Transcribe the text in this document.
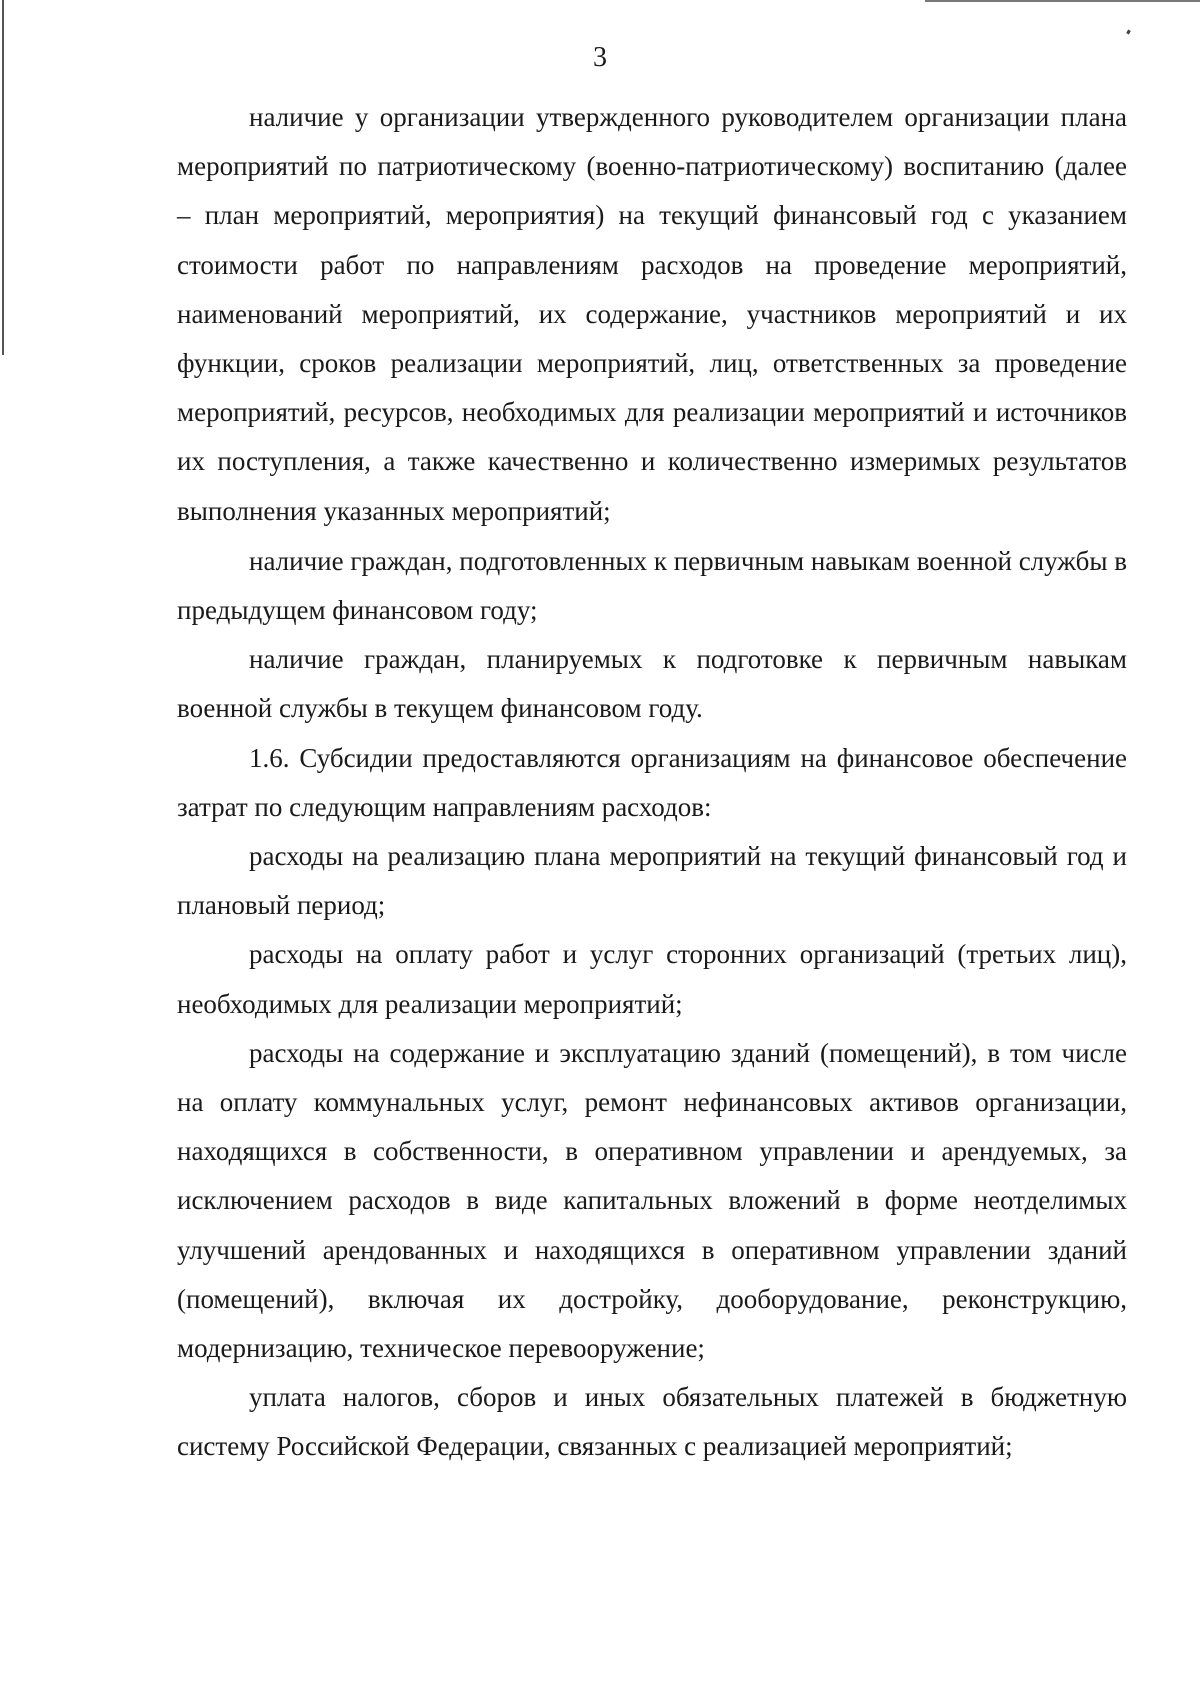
3

наличие у организации утвержденного руководителем организации плана мероприятий по патриотическому (военно-патриотическому) воспитанию (далее – план мероприятий, мероприятия) на текущий финансовый год с указанием стоимости работ по направлениям расходов на проведение мероприятий, наименований мероприятий, их содержание, участников мероприятий и их функции, сроков реализации мероприятий, лиц, ответственных за проведение мероприятий, ресурсов, необходимых для реализации мероприятий и источников их поступления, а также качественно и количественно измеримых результатов выполнения указанных мероприятий;

наличие граждан, подготовленных к первичным навыкам военной службы в предыдущем финансовом году;

наличие граждан, планируемых к подготовке к первичным навыкам военной службы в текущем финансовом году.

1.6. Субсидии предоставляются организациям на финансовое обеспечение затрат по следующим направлениям расходов:

расходы на реализацию плана мероприятий на текущий финансовый год и плановый период;

расходы на оплату работ и услуг сторонних организаций (третьих лиц), необходимых для реализации мероприятий;

расходы на содержание и эксплуатацию зданий (помещений), в том числе на оплату коммунальных услуг, ремонт нефинансовых активов организации, находящихся в собственности, в оперативном управлении и арендуемых, за исключением расходов в виде капитальных вложений в форме неотделимых улучшений арендованных и находящихся в оперативном управлении зданий (помещений), включая их достройку, дооборудование, реконструкцию, модернизацию, техническое перевооружение;

уплата налогов, сборов и иных обязательных платежей в бюджетную систему Российской Федерации, связанных с реализацией мероприятий;
